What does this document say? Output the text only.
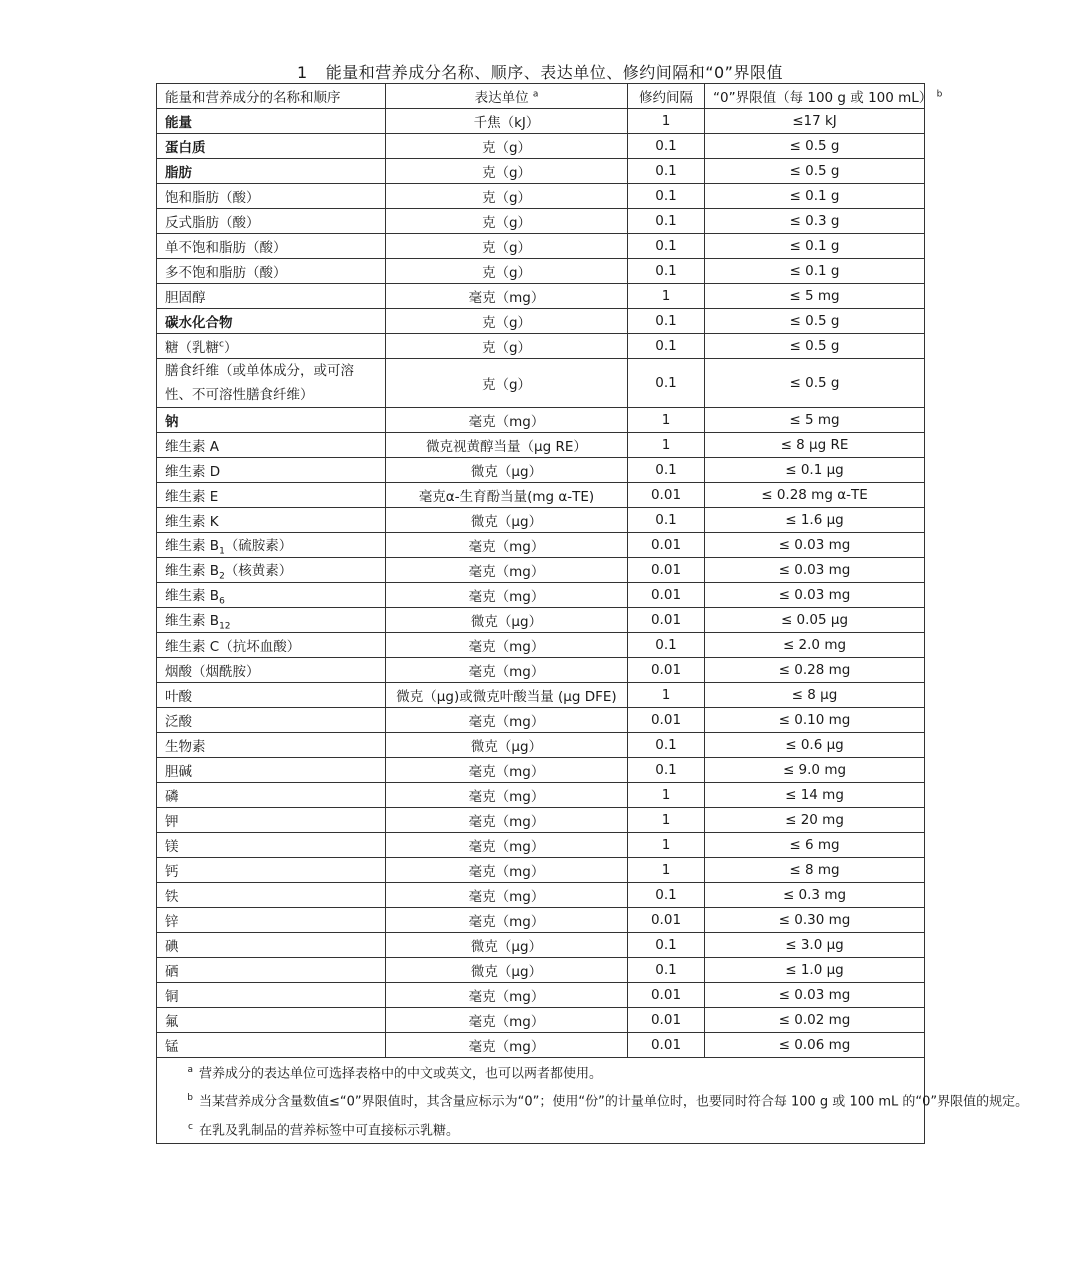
1 能量和营养成分名称、顺序、表达单位、修约间隔和“0”界限值
能量和营养成分的名称和顺序	表达单位 $^a$	修约间隔	“0”界限值（每 100 g 或 100 mL） $^b$
能量	千焦（kJ）	1	≤17 kJ
蛋白质	克（g）	0.1	≤ 0.5 g
脂肪	克（g）	0.1	≤ 0.5 g
饱和脂肪（酸）	克（g）	0.1	≤ 0.1 g
反式脂肪（酸）	克（g）	0.1	≤ 0.3 g
单不饱和脂肪（酸）	克（g）	0.1	≤ 0.1 g
多不饱和脂肪（酸）	克（g）	0.1	≤ 0.1 g
胆固醇	毫克（mg）	1	≤ 5 mg
碳水化合物	克（g）	0.1	≤ 0.5 g
糖（乳糖$^c$）	克（g）	0.1	≤ 0.5 g
膳食纤维（或单体成分，或可溶性、不可溶性膳食纤维）	克（g）	0.1	≤ 0.5 g
钠	毫克（mg）	1	≤ 5 mg
维生素 A	微克视黄醇当量（μg RE）	1	≤ 8 μg RE
维生素 D	微克（μg）	0.1	≤ 0.1 μg
维生素 E	毫克α-生育酚当量(mg α-TE)	0.01	≤ 0.28 mg α-TE
维生素 K	微克（μg）	0.1	≤ 1.6 μg
维生素 $B_1$（硫胺素）	毫克（mg）	0.01	≤ 0.03 mg
维生素 $B_2$（核黄素）	毫克（mg）	0.01	≤ 0.03 mg
维生素 $B_6$	毫克（mg）	0.01	≤ 0.03 mg
维生素 $B_{12}$	微克（μg）	0.01	≤ 0.05 μg
维生素 C（抗坏血酸）	毫克（mg）	0.1	≤ 2.0 mg
烟酸（烟酰胺）	毫克（mg）	0.01	≤ 0.28 mg
叶酸	微克（μg)或微克叶酸当量 (μg DFE)	1	≤ 8 μg
泛酸	毫克（mg）	0.01	≤ 0.10 mg
生物素	微克（μg）	0.1	≤ 0.6 μg
胆碱	毫克（mg）	0.1	≤ 9.0 mg
磷	毫克（mg）	1	≤ 14 mg
钾	毫克（mg）	1	≤ 20 mg
镁	毫克（mg）	1	≤ 6 mg
钙	毫克（mg）	1	≤ 8 mg
铁	毫克（mg）	0.1	≤ 0.3 mg
锌	毫克（mg）	0.01	≤ 0.30 mg
碘	微克（μg）	0.1	≤ 3.0 μg
硒	微克（μg）	0.1	≤ 1.0 μg
铜	毫克（mg）	0.01	≤ 0.03 mg
氟	毫克（mg）	0.01	≤ 0.02 mg
锰	毫克（mg）	0.01	≤ 0.06 mg

$^a$ 营养成分的表达单位可选择表格中的中文或英文，也可以两者都使用。
$^b$ 当某营养成分含量数值≤“0”界限值时，其含量应标示为“0”；使用“份”的计量单位时，也要同时符合每 100 g 或 100 mL 的“0”界限值的规定。
$^c$ 在乳及乳制品的营养标签中可直接标示乳糖。			
